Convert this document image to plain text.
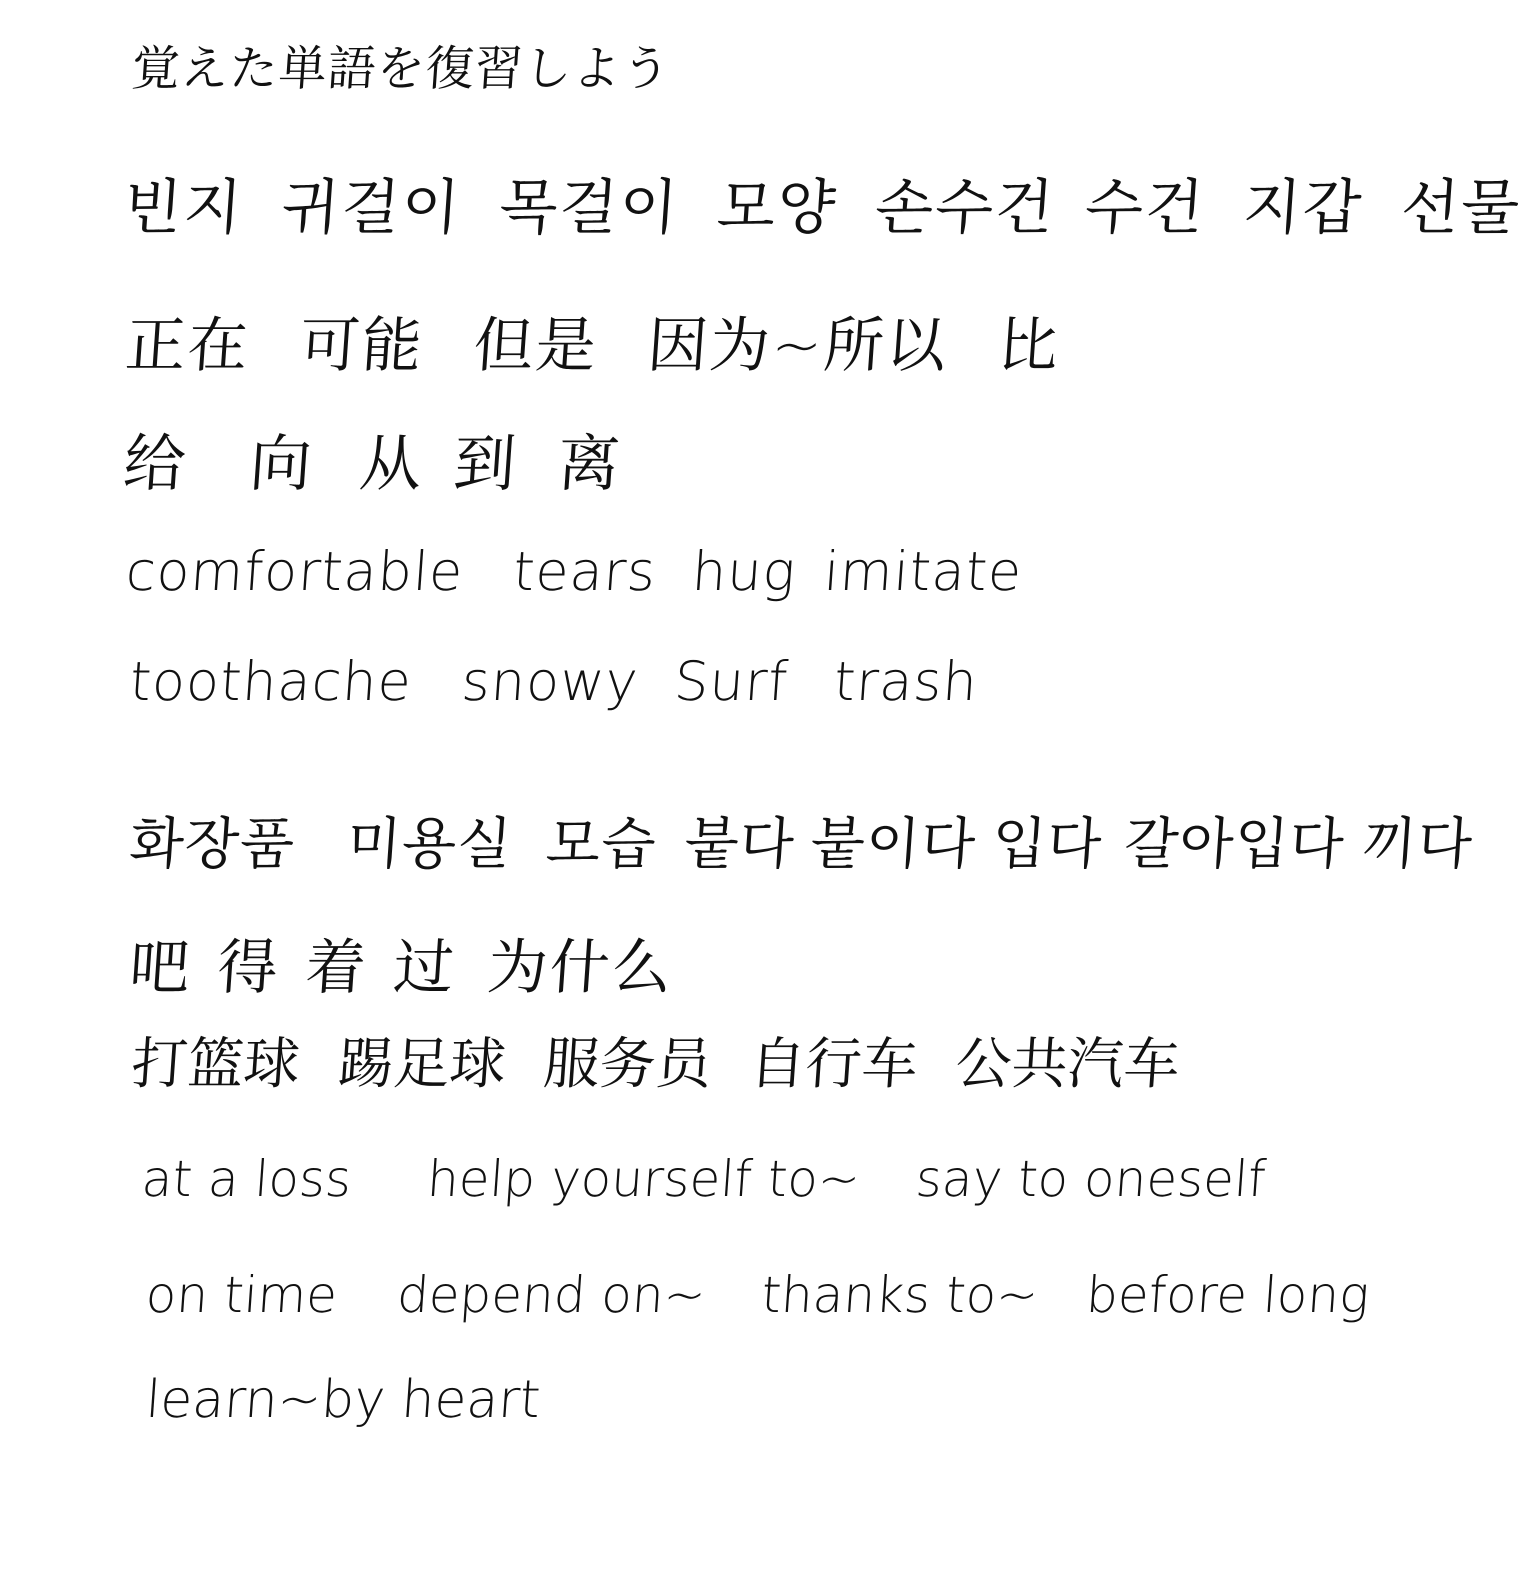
覚えた単語を復習しよう
빈지 귀걸이 목걸이 모양 손수건 수건 지갑 선물
正在 可能 但是 因为~所以 比
给 向 从 到 离
comfortable tears hug imitate
toothache snowy Surf trash
화장품 미용실 모습 붙다 붙이다 입다 갈아입다 끼다
吧 得 着 过 为什么
打篮球 踢足球 服务员 自行车 公共汽车
at a loss help yourself to~ say to oneself
on time depend on~ thanks to~ before long
learn~by heart
